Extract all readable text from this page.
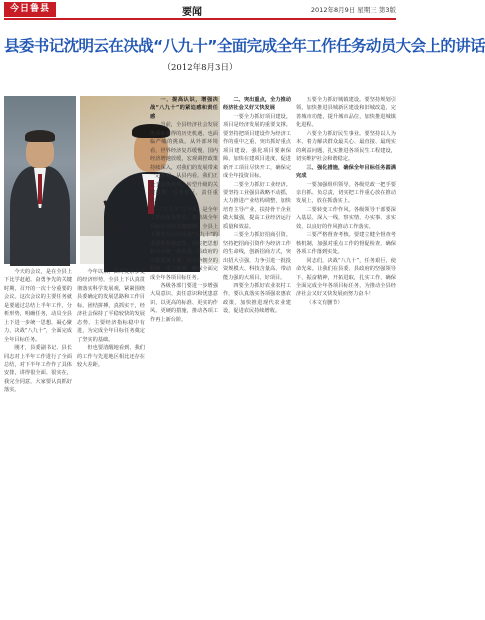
今日鲁县	要闻	2012年8月9日 星期三 第3版
县委书记沈明云在决战“八九十”全面完成全年工作任务动员大会上的讲话
（2012年8月3日）

今天的会议，是在全县上下比学赶超、奋勇争先的关键时期，召开的一次十分重要的会议。这次会议的主要任务就是要通过总结上半年工作，分析形势，明确任务，动员全县上下进一步统一思想，凝心聚力，决战“八九十”，全面完成全年目标任务。

刚才，县委副书记、县长同志对上半年工作进行了全面总结，对下半年工作作了具体安排，讲得很全面、很实在，我完全同意，大家要认真抓好落实。

今年以来，面对复杂多变的经济形势，全县上下认真贯彻落实科学发展观，紧紧围绕县委确定的发展思路和工作目标，团结拼搏，真抓实干，经济社会保持了平稳较快的发展态势，主要经济指标稳中有进，为完成全年目标任务奠定了坚实的基础。

但也要清醒地看到，我们的工作与先进地区相比还存在较大差距。

一、提高认识，增强决战“八九十”的紧迫感和责任感

当前，全县经济社会发展既面临难得的历史机遇，也面临严峻的挑战。从外部环境看，世界经济复苏缓慢，国内经济增速放缓，宏观调控政策持续深入，对我们的发展带来一定影响。从县内看，我们正处于加快发展、转型升级的关键时期，任务艰巨，责任重大。

“八九十”三个月，是全年工作的黄金季节，是决战全年目标任务的关键时期。全县上下要充分认识决战“八九十”的重要性和紧迫性，切实把思想和行动统一到县委、县政府的决策部署上来，以只争朝夕的精神，奋力拼搏，确保全面完成全年各项目标任务。

各级各部门要进一步增强大局意识、责任意识和忧患意识，以更高的标准、更实的作风、更硬的措施，推动各项工作再上新台阶。

二、突出重点，全力推动经济社会又好又快发展

一要全力抓好项目建设。项目是经济发展的重要支撑。要坚持把项目建设作为经济工作的重中之重，突出抓好重点项目建设，强化项目要素保障，加快在建项目进度，促进新开工项目尽快开工，确保完成全年投资目标。

二要全力抓好工业经济。要坚持工业强县战略不动摇，大力推进产业结构调整，加快培育主导产业，扶持骨干企业做大做强，提高工业经济运行质量和效益。

三要全力抓好招商引资。坚持把招商引资作为经济工作的生命线，创新招商方式，突出招大引强，力争引进一批投资规模大、科技含量高、带动能力强的大项目、好项目。

四要全力抓好农业农村工作。要认真落实各项强农惠农政策，加快推进现代农业建设，促进农民持续增收。

五要全力抓好城镇建设。要坚持规划引领，加快推进县城新区建设和旧城改造，完善城市功能，提升城市品位，加快推进城镇化进程。

六要全力抓好民生事业。要坚持以人为本，着力解决群众最关心、最直接、最现实的利益问题，扎实推进各项民生工程建设，切实维护社会和谐稳定。

三、强化措施，确保全年目标任务圆满完成

一要加强组织领导。各级党政一把手要亲自抓、负总责，切实把工作重心放在推动发展上，放在抓落实上。

二要转变工作作风。各级领导干部要深入基层、深入一线，察实情、办实事、求实效，以良好的作风推动工作落实。

三要严格督查考核。要建立健全督查考核机制，加强对重点工作的督促检查，确保各项工作落到实处。

同志们，决战“八九十”，任务艰巨，使命光荣。让我们在县委、县政府的坚强领导下，振奋精神，开拓进取，扎实工作，确保全面完成全年各项目标任务，为推动全县经济社会又好又快发展而努力奋斗！

（本文有删节）
